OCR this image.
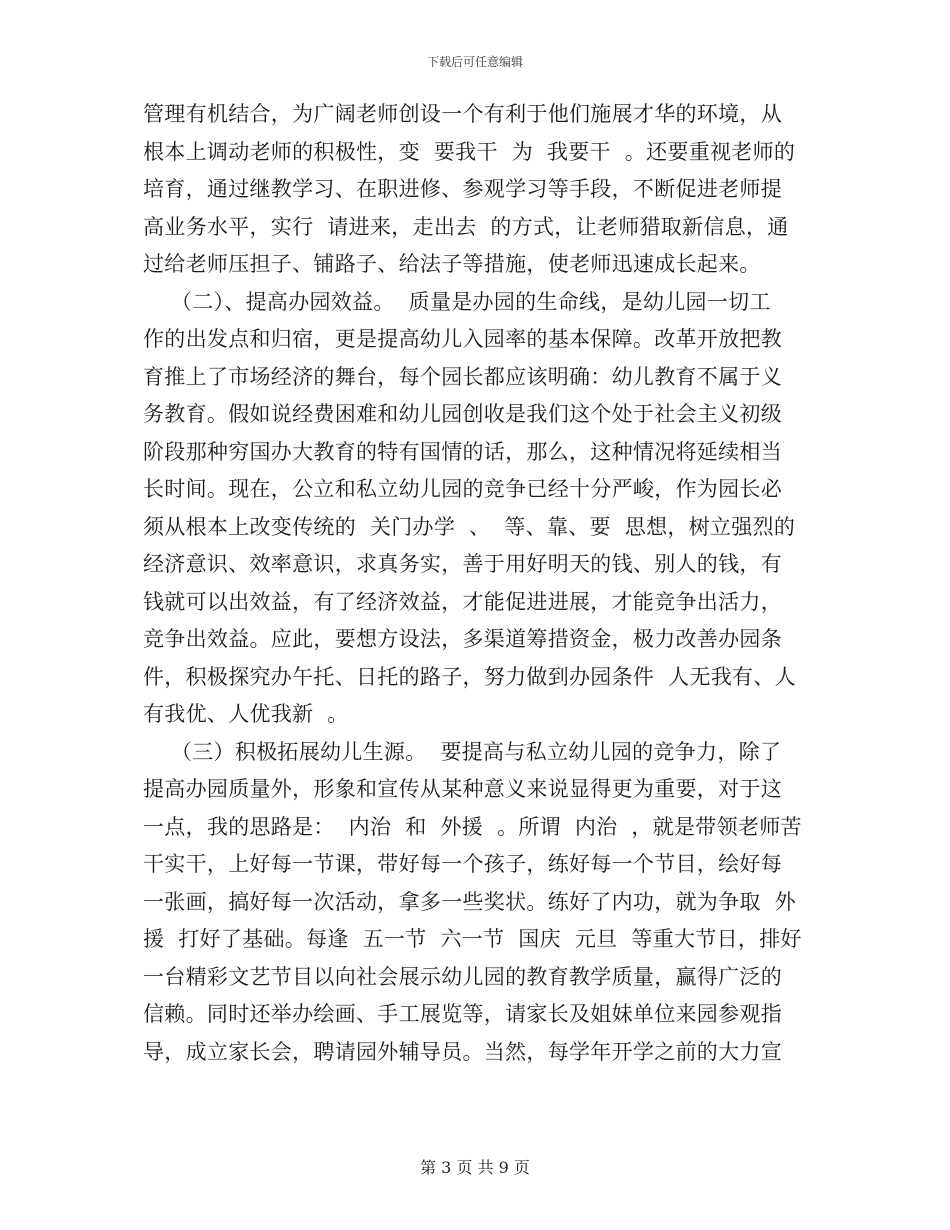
下载后可任意编辑
管理有机结合，为广阔老师创设一个有利于他们施展才华的环境，从
根本上调动老师的积极性，变  要我干  为  我要干  。还要重视老师的
培育，通过继教学习、在职进修、参观学习等手段，不断促进老师提
高业务水平，实行  请进来，走出去  的方式，让老师猎取新信息，通
过给老师压担子、铺路子、给法子等措施，使老师迅速成长起来。
（二）、提高办园效益。  质量是办园的生命线，是幼儿园一切工
作的出发点和归宿，更是提高幼儿入园率的基本保障。改革开放把教
育推上了市场经济的舞台，每个园长都应该明确：幼儿教育不属于义
务教育。假如说经费困难和幼儿园创收是我们这个处于社会主义初级
阶段那种穷国办大教育的特有国情的话，那么，这种情况将延续相当
长时间。现在，公立和私立幼儿园的竞争已经十分严峻，作为园长必
须从根本上改变传统的  关门办学  、  等、靠、要  思想，树立强烈的
经济意识、效率意识，求真务实，善于用好明天的钱、别人的钱，有
钱就可以出效益，有了经济效益，才能促进进展，才能竞争出活力，
竞争出效益。应此，要想方设法，多渠道筹措资金，极力改善办园条
件，积极探究办午托、日托的路子，努力做到办园条件  人无我有、人
有我优、人优我新  。
（三）积极拓展幼儿生源。  要提高与私立幼儿园的竞争力，除了
提高办园质量外，形象和宣传从某种意义来说显得更为重要，对于这
一点，我的思路是：  内治  和  外援  。所谓  内治  ，就是带领老师苦
干实干，上好每一节课，带好每一个孩子，练好每一个节目，绘好每
一张画，搞好每一次活动，拿多一些奖状。练好了内功，就为争取  外
援  打好了基础。每逢  五一节  六一节  国庆  元旦  等重大节日，排好
一台精彩文艺节目以向社会展示幼儿园的教育教学质量，赢得广泛的
信赖。同时还举办绘画、手工展览等，请家长及姐妹单位来园参观指
导，成立家长会，聘请园外辅导员。当然，每学年开学之前的大力宣
第 3 页 共 9 页
